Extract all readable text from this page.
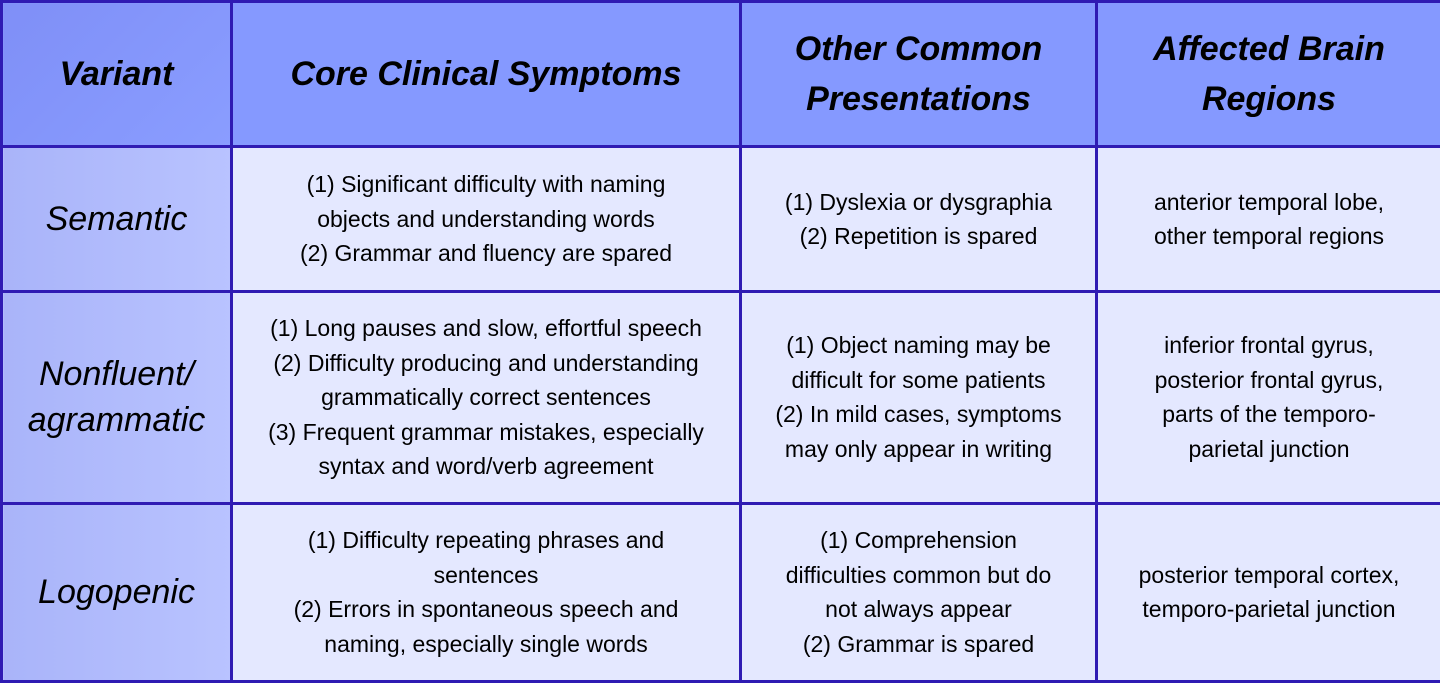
Variant	Core Clinical Symptoms	Other Common
Presentations	Affected Brain
Regions

Semantic	(1) Significant difficulty with naming
objects and understanding words
(2) Grammar and fluency are spared	(1) Dyslexia or dysgraphia
(2) Repetition is spared	anterior temporal lobe,
other temporal regions

Nonfluent/
agrammatic	(1) Long pauses and slow, effortful speech
(2) Difficulty producing and understanding
grammatically correct sentences
(3) Frequent grammar mistakes, especially
syntax and word/verb agreement	(1) Object naming may be
difficult for some patients
(2) In mild cases, symptoms
may only appear in writing	inferior frontal gyrus,
posterior frontal gyrus,
parts of the temporo-
parietal junction

Logopenic	(1) Difficulty repeating phrases and
sentences
(2) Errors in spontaneous speech and
naming, especially single words	(1) Comprehension
difficulties common but do
not always appear
(2) Grammar is spared	posterior temporal cortex,
temporo-parietal junction
